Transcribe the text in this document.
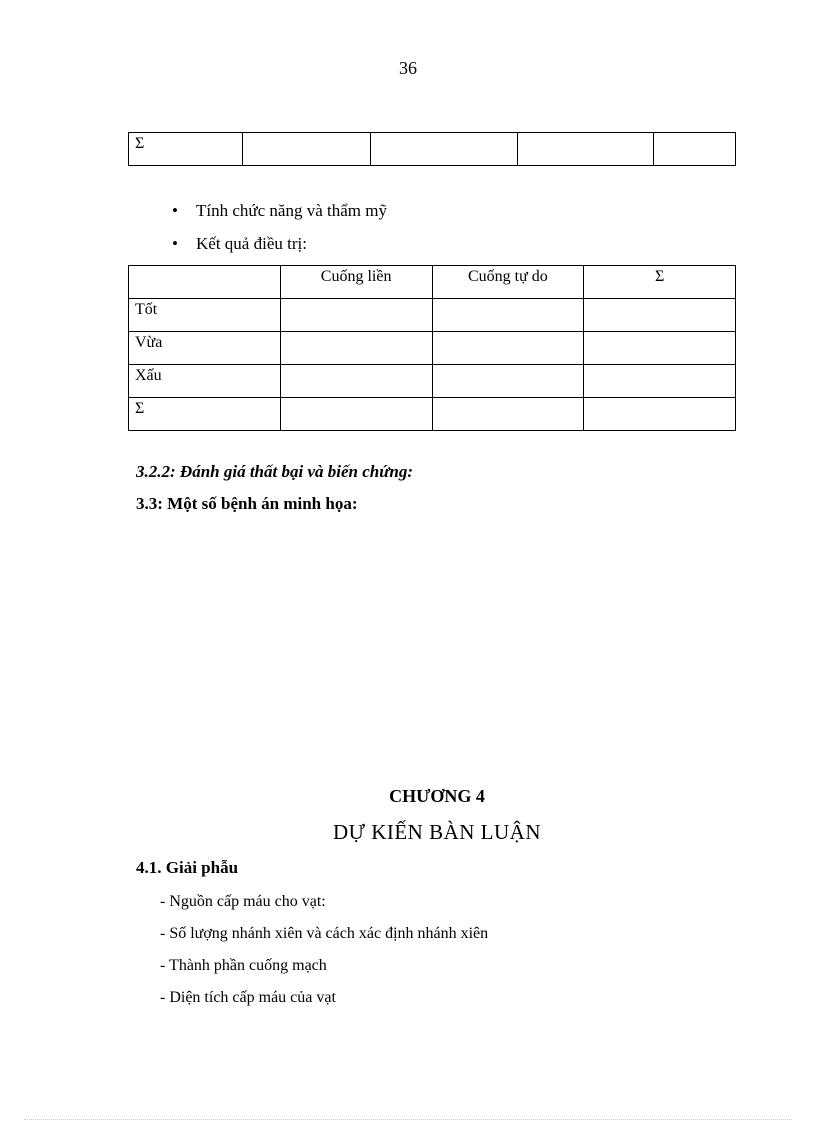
36
Σ				
• Tính chức năng và thẩm mỹ
• Kết quả điều trị:
	Cuống liền	Cuống tự do	Σ
Tốt			
Vừa			
Xấu			
Σ			

3.2.2: Đánh giá thất bại và biến chứng:

3.3: Một số bệnh án minh họa:

CHƯƠNG 4

DỰ KIẾN BÀN LUẬN

4.1. Giải phẫu

- Nguồn cấp máu cho vạt:
- Số lượng nhánh xiên và cách xác định nhánh xiên
- Thành phần cuống mạch
- Diện tích cấp máu của vạt
